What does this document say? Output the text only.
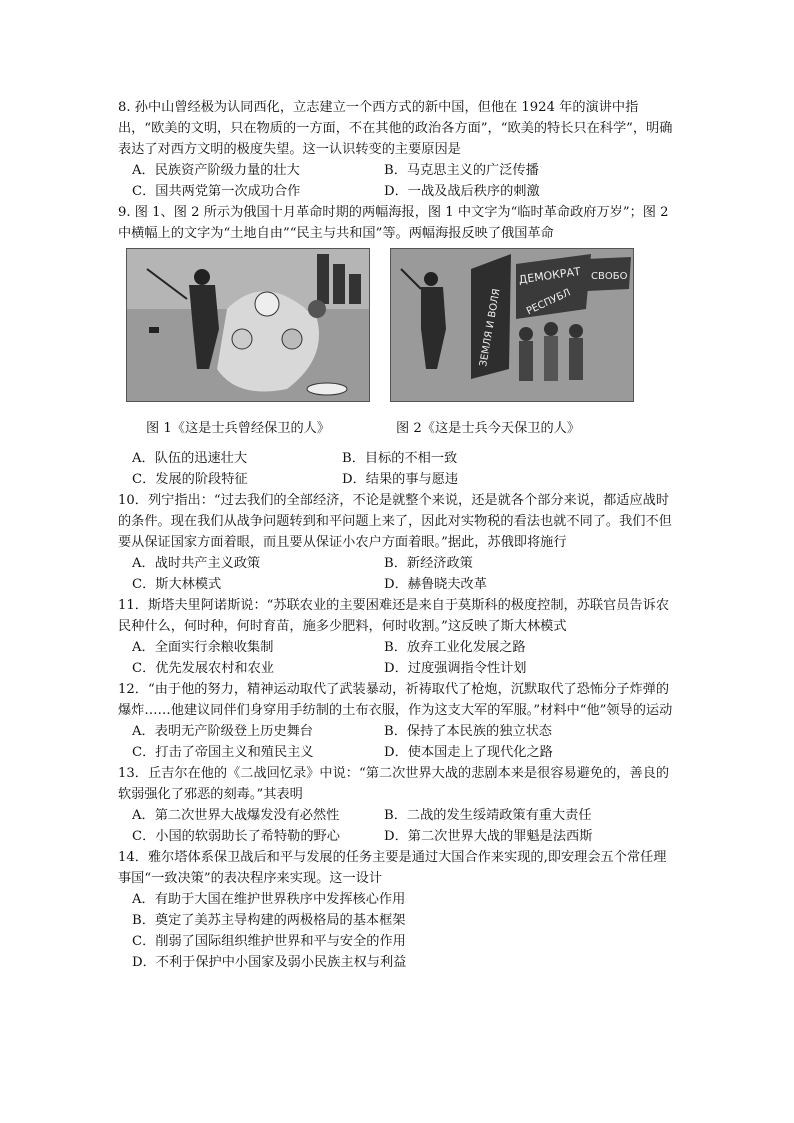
8. 孙中山曾经极为认同西化，立志建立一个西方式的新中国，但他在 1924 年的演讲中指出，“欧美的文明，只在物质的一方面，不在其他的政治各方面”，“欧美的特长只在科学”，明确表达了对西方文明的极度失望。这一认识转变的主要原因是
A．民族资产阶级力量的壮大	B．马克思主义的广泛传播
C．国共两党第一次成功合作	D．一战及战后秩序的刺激
9. 图 1、图 2 所示为俄国十月革命时期的两幅海报，图 1 中文字为“临时革命政府万岁”；图 2 中横幅上的文字为“土地自由”“民主与共和国”等。两幅海报反映了俄国革命
ДЕМОКРАТ
РЕСПУБЛ
СВОБО
ЗЕМЛЯ И ВОЛЯ
图 1《这是士兵曾经保卫的人》	图 2《这是士兵今天保卫的人》
A．队伍的迅速壮大	B．目标的不相一致
C．发展的阶段特征	D．结果的事与愿违
10．列宁指出：“过去我们的全部经济，不论是就整个来说，还是就各个部分来说，都适应战时的条件。现在我们从战争问题转到和平问题上来了，因此对实物税的看法也就不同了。我们不但要从保证国家方面着眼，而且要从保证小农户方面着眼。”据此，苏俄即将施行
A．战时共产主义政策	B．新经济政策
C．斯大林模式	D．赫鲁晓夫改革
11．斯塔夫里阿诺斯说：“苏联农业的主要困难还是来自于莫斯科的极度控制，苏联官员告诉农民种什么，何时种，何时育苗，施多少肥料，何时收割。”这反映了斯大林模式
A．全面实行余粮收集制	B．放弃工业化发展之路
C．优先发展农村和农业	D．过度强调指令性计划
12．“由于他的努力，精神运动取代了武装暴动，祈祷取代了枪炮，沉默取代了恐怖分子炸弹的爆炸……他建议同伴们身穿用手纺制的土布衣服，作为这支大军的军服。”材料中“他”领导的运动
A．表明无产阶级登上历史舞台	B．保持了本民族的独立状态
C．打击了帝国主义和殖民主义	D．使本国走上了现代化之路
13．丘吉尔在他的《二战回忆录》中说：“第二次世界大战的悲剧本来是很容易避免的，善良的软弱强化了邪恶的刻毒。”其表明
A．第二次世界大战爆发没有必然性	B．二战的发生绥靖政策有重大责任
C．小国的软弱助长了希特勒的野心	D．第二次世界大战的罪魁是法西斯
14．雅尔塔体系保卫战后和平与发展的任务主要是通过大国合作来实现的,即安理会五个常任理事国“一致决策”的表决程序来实现。这一设计
A．有助于大国在维护世界秩序中发挥核心作用
B．奠定了美苏主导构建的两极格局的基本框架
C．削弱了国际组织维护世界和平与安全的作用
D．不利于保护中小国家及弱小民族主权与利益
